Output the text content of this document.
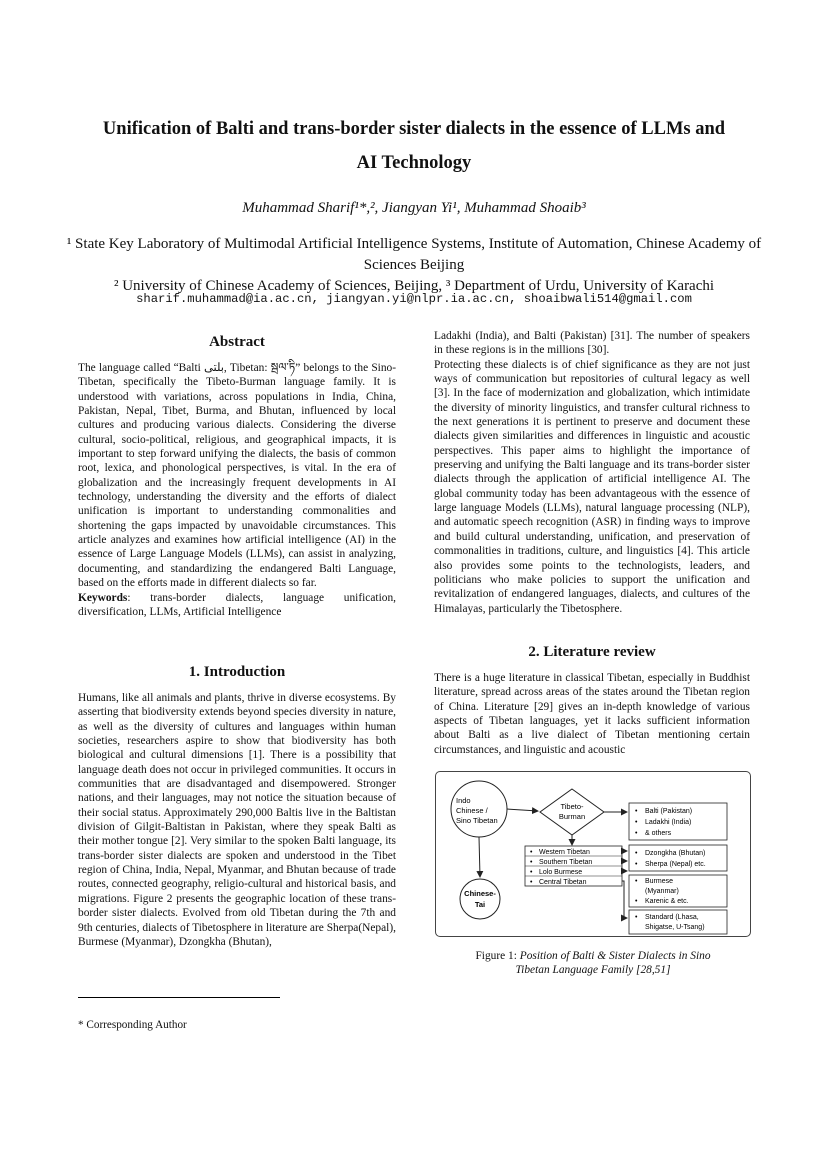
Unification of Balti and trans-border sister dialects in the essence of LLMs and
AI Technology
Muhammad Sharif¹*,², Jiangyan Yi¹, Muhammad Shoaib³
¹ State Key Laboratory of Multimodal Artificial Intelligence Systems, Institute of Automation, Chinese Academy of Sciences Beijing
² University of Chinese Academy of Sciences, Beijing, ³ Department of Urdu, University of Karachi
sharif.muhammad@ia.ac.cn, jiangyan.yi@nlpr.ia.ac.cn, shoaibwali514@gmail.com
Abstract

The language called “Balti بلتی, Tibetan: སྦལ་ཏི” belongs to the Sino-Tibetan, specifically the Tibeto-Burman language family. It is understood with variations, across populations in India, China, Pakistan, Nepal, Tibet, Burma, and Bhutan, influenced by local cultures and producing various dialects. Considering the diverse cultural, socio-political, religious, and geographical impacts, it is important to step forward unifying the dialects, the basis of common root, lexica, and phonological perspectives, is vital. In the era of globalization and the increasingly frequent developments in AI technology, understanding the diversity and the efforts of dialect unification is important to understanding commonalities and shortening the gaps impacted by unavoidable circumstances. This article analyzes and examines how artificial intelligence (AI) in the essence of Large Language Models (LLMs), can assist in analyzing, documenting, and standardizing the endangered Balti Language, based on the efforts made in different dialects so far.

Keywords: trans-border dialects, language unification, diversification, LLMs, Artificial Intelligence

1. Introduction

Humans, like all animals and plants, thrive in diverse ecosystems. By asserting that biodiversity extends beyond species diversity in nature, as well as the diversity of cultures and languages within human societies, researchers aspire to show that biodiversity has both biological and cultural dimensions [1]. There is a possibility that language death does not occur in privileged communities. It occurs in communities that are disadvantaged and disempowered. Stronger nations, and their languages, may not notice the situation because of their social status. Approximately 290,000 Baltis live in the Baltistan division of Gilgit-Baltistan in Pakistan, where they speak Balti as their mother tongue [2]. Very similar to the spoken Balti language, its trans-border sister dialects are spoken and understood in the Tibet region of China, India, Nepal, Myanmar, and Bhutan because of trade routes, connected geography, religio-cultural and historical basis, and migrations. Figure 2 presents the geographic location of these trans-border sister dialects. Evolved from old Tibetan during the 7th and 9th centuries, dialects of Tibetosphere in literature are Sherpa(Nepal), Burmese (Myanmar), Dzongkha (Bhutan),

* Corresponding Author

Ladakhi (India), and Balti (Pakistan) [31]. The number of speakers in these regions is in the millions [30].

Protecting these dialects is of chief significance as they are not just ways of communication but repositories of cultural legacy as well [3]. In the face of modernization and globalization, which intimidate the diversity of minority linguistics, and transfer cultural richness to the next generations it is pertinent to preserve and document these dialects given similarities and differences in linguistic and acoustic perspectives. This paper aims to highlight the importance of preserving and unifying the Balti language and its trans-border sister dialects through the application of artificial intelligence AI. The global community today has been advantageous with the essence of large language Models (LLMs), natural language processing (NLP), and automatic speech recognition (ASR) in finding ways to improve and build cultural understanding, unification, and preservation of commonalities in traditions, culture, and linguistics [4]. This article also provides some points to the technologists, leaders, and politicians who make policies to support the unification and revitalization of endangered languages, dialects, and cultures of the Himalayas, particularly the Tibetosphere.

2. Literature review

There is a huge literature in classical Tibetan, especially in Buddhist literature, spread across areas of the states around the Tibetan region of China. Literature [29] gives an in-depth knowledge of various aspects of Tibetan languages, yet it lacks sufficient information about Balti as a live dialect of Tibetan mentioning certain circumstances, and linguistic and acoustic

Indo
Chinese /
Sino Tibetan
Tibeto-
Burman
Chinese-
Tai
•
•
•
•
Western Tibetan
Southern Tibetan
Lolo Burmese
Central Tibetan
•
•
•
Balti (Pakistan)
Ladakhi (India)
& others
•
•
Dzongkha (Bhutan)
Sherpa (Nepal) etc.
•
•
Burmese
(Myanmar)
Karenic & etc.
• Standard (Lhasa,
Shigatse, U-Tsang)
Figure 1: Position of Balti & Sister Dialects in Sino
Tibetan Language Family [28,51]
